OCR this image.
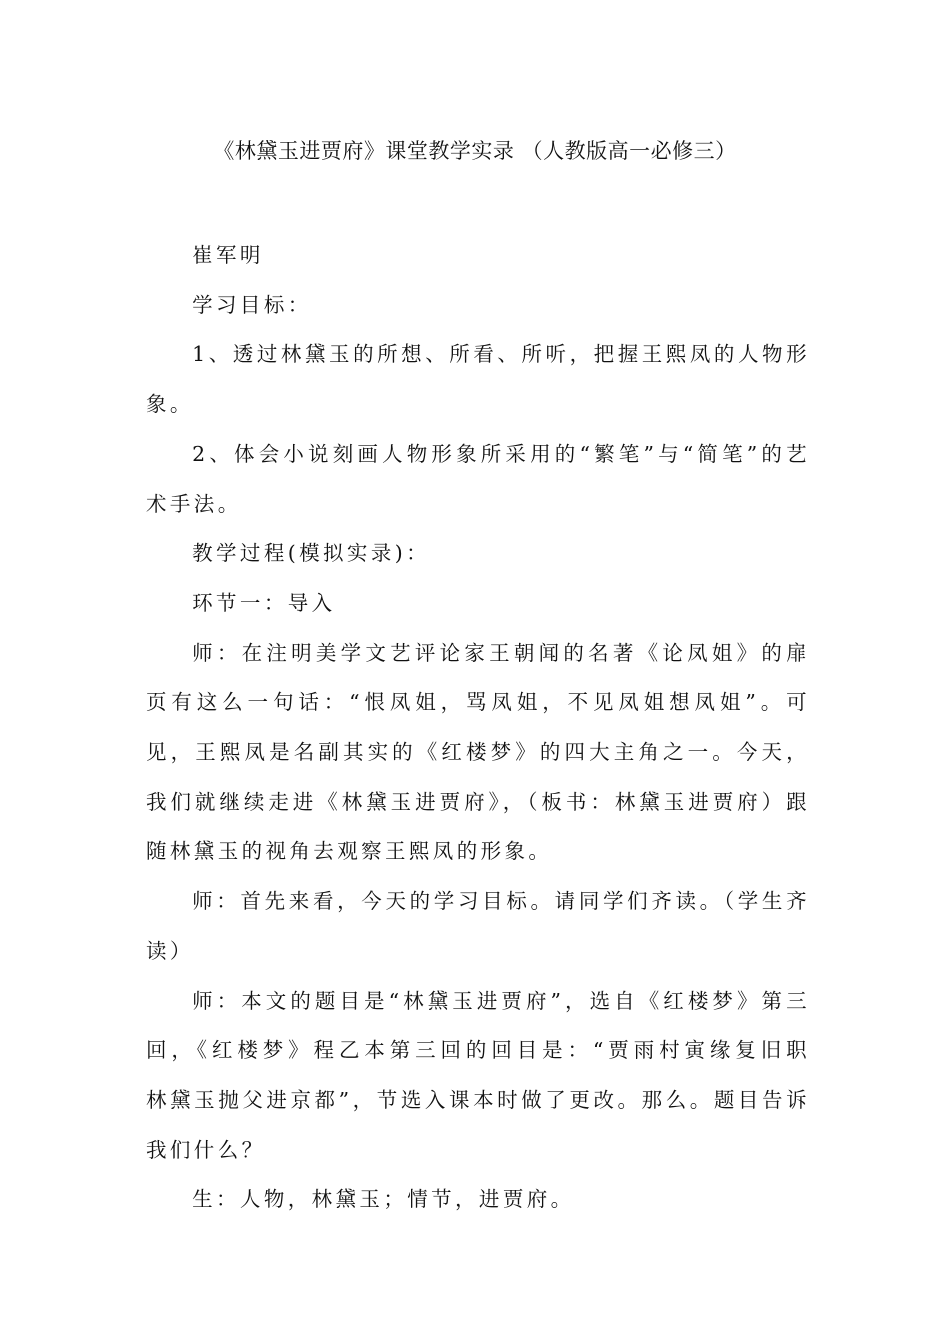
《林黛玉进贾府》课堂教学实录 （人教版高一必修三）

崔军明

学习目标：

1、透过林黛玉的所想、所看、所听，把握王熙凤的人物形象。

2、体会小说刻画人物形象所采用的“繁笔”与“简笔”的艺术手法。

教学过程(模拟实录)：

环节一：导入

师：在注明美学文艺评论家王朝闻的名著《论凤姐》的扉页有这么一句话：“恨凤姐，骂凤姐，不见凤姐想凤姐”。可见，王熙凤是名副其实的《红楼梦》的四大主角之一。今天，我们就继续走进《林黛玉进贾府》，（板书：林黛玉进贾府）跟随林黛玉的视角去观察王熙凤的形象。

师：首先来看，今天的学习目标。请同学们齐读。（学生齐读）

师：本文的题目是“林黛玉进贾府”，选自《红楼梦》第三回，《红楼梦》程乙本第三回的回目是：“贾雨村寅缘复旧职　林黛玉抛父进京都”，节选入课本时做了更改。那么。题目告诉我们什么？

生：人物，林黛玉；情节，进贾府。
